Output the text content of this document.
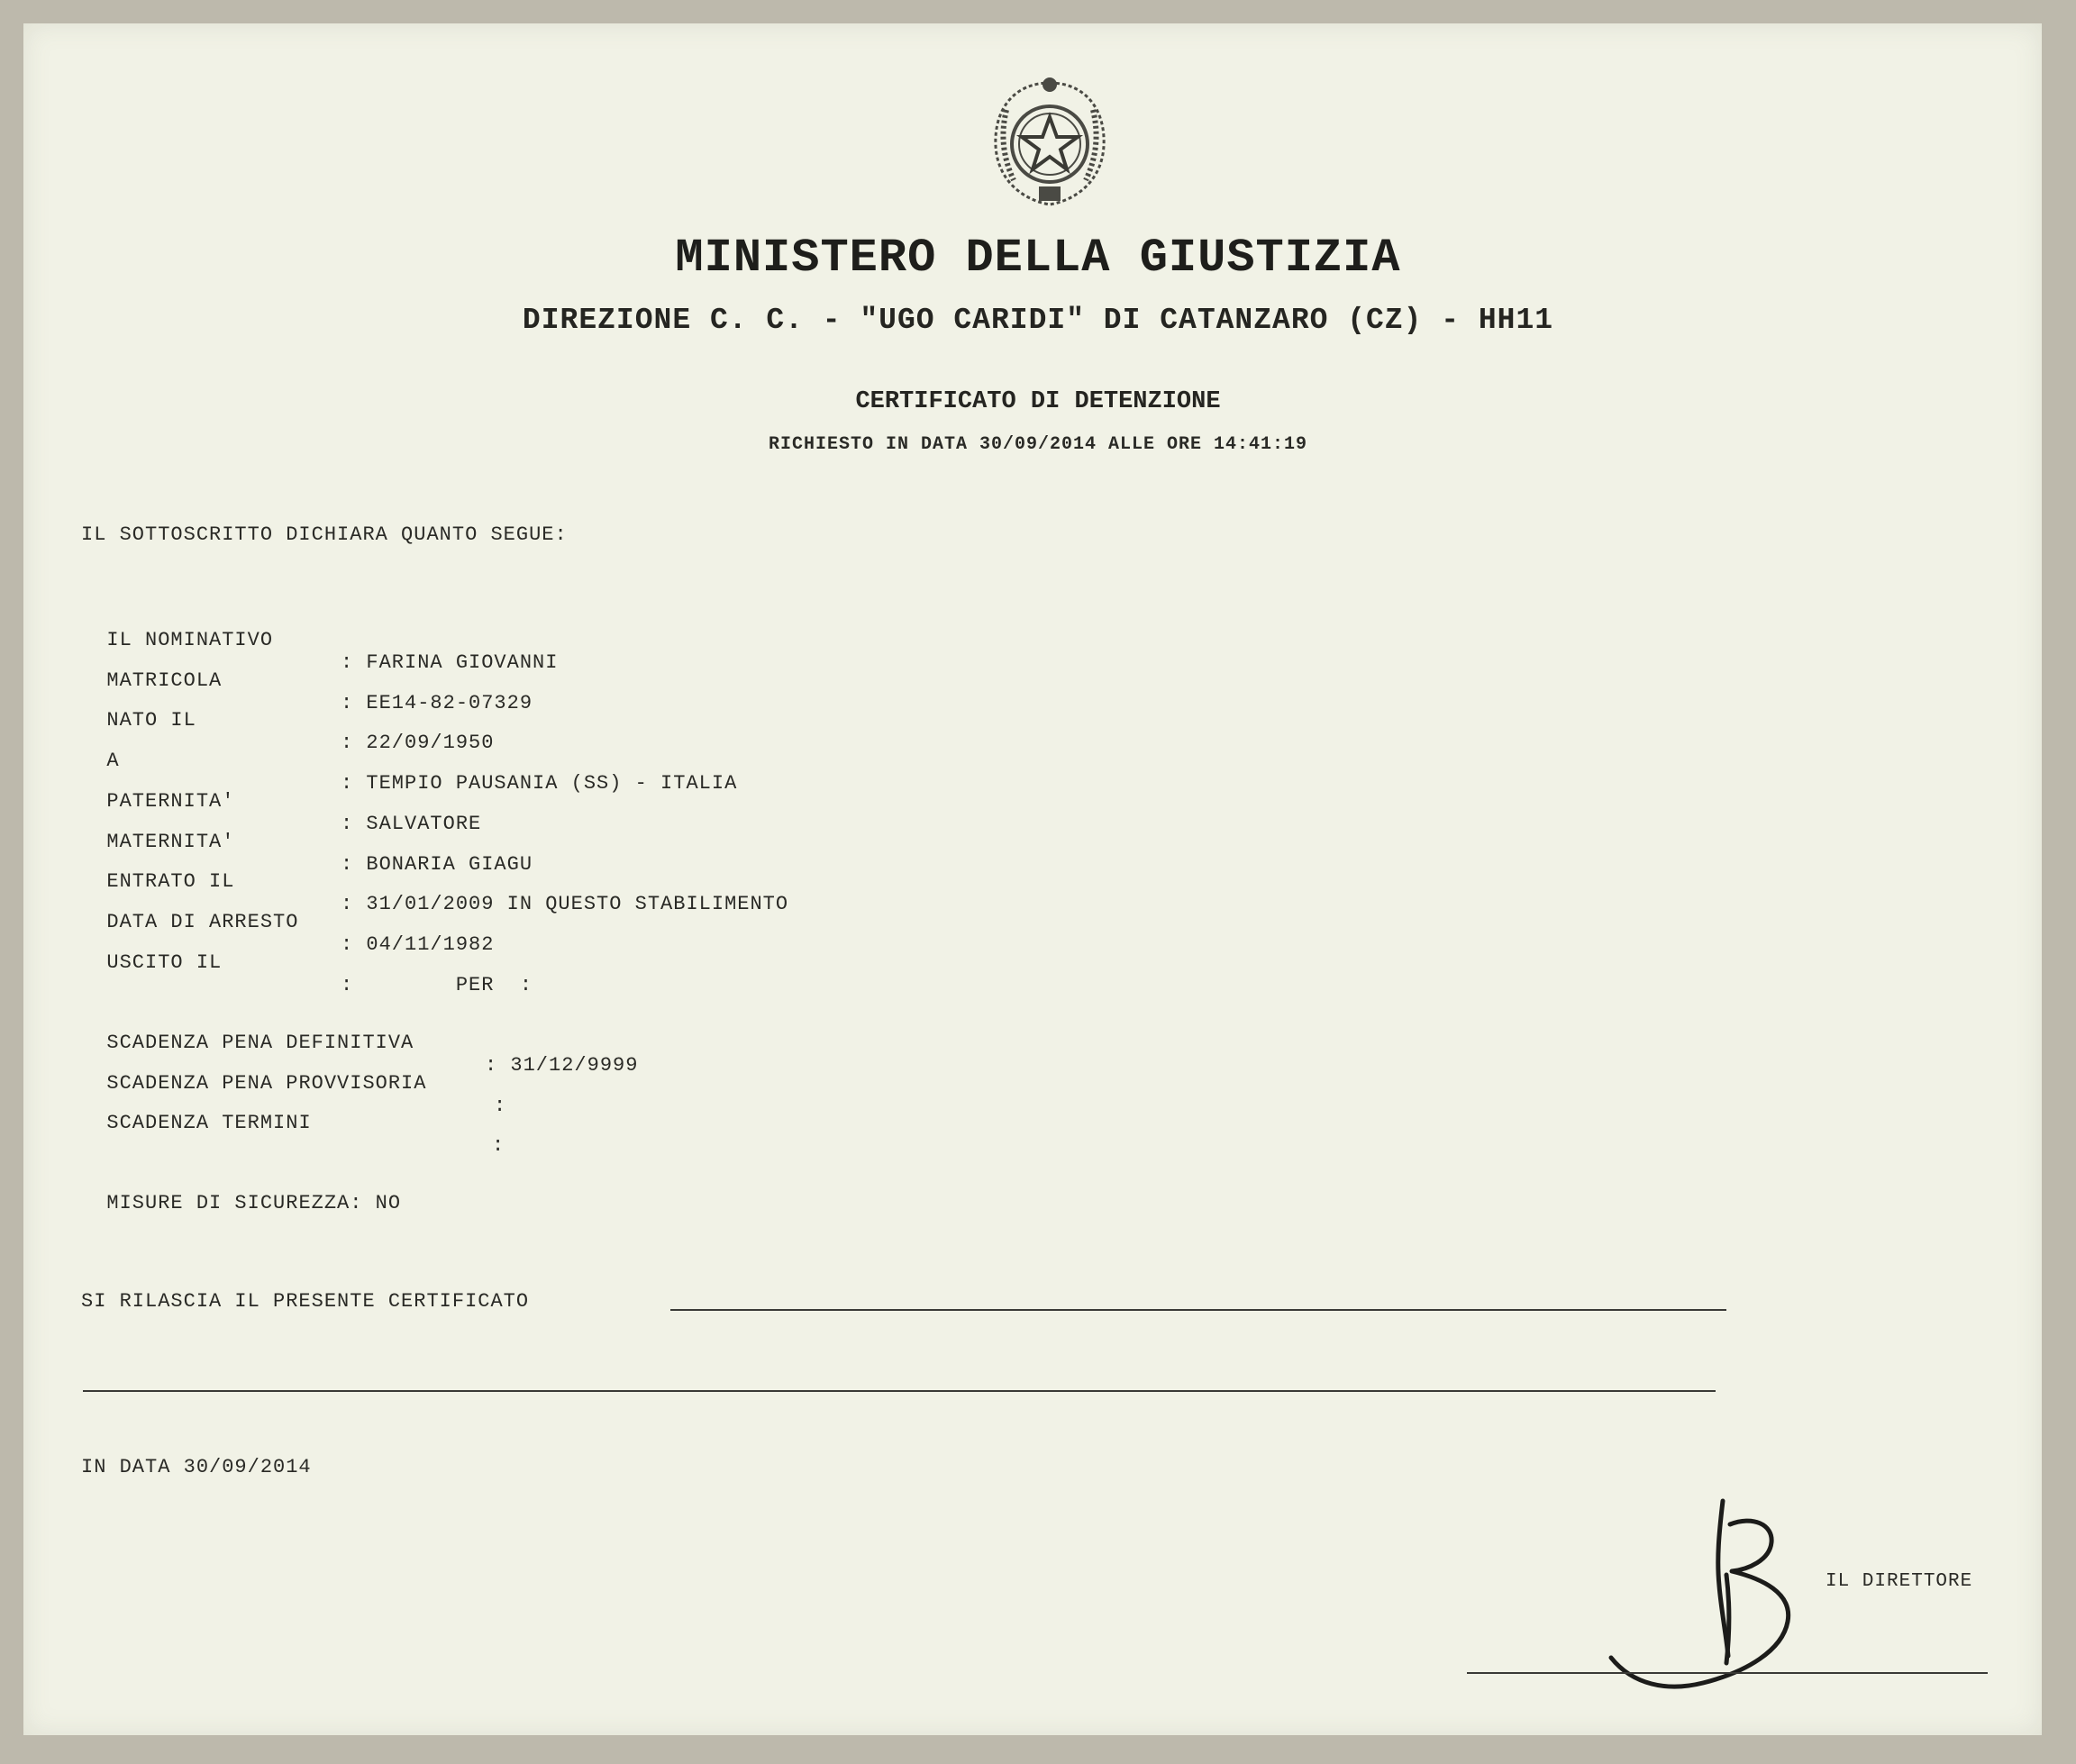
MINISTERO DELLA GIUSTIZIA
DIREZIONE C. C. - "UGO CARIDI" DI CATANZARO (CZ) - HH11
CERTIFICATO DI DETENZIONE
RICHIESTO IN DATA 30/09/2014 ALLE ORE 14:41:19
IL SOTTOSCRITTO DICHIARA QUANTO SEGUE:

IL NOMINATIVO

: FARINA GIOVANNI

MATRICOLA

: EE14-82-07329

NATO IL

: 22/09/1950

A

: TEMPIO PAUSANIA (SS) - ITALIA

PATERNITA'

: SALVATORE

MATERNITA'

: BONARIA GIAGU

ENTRATO IL

: 31/01/2009 IN QUESTO STABILIMENTO

DATA DI ARRESTO

: 04/11/1982

USCITO IL

:        PER  :

SCADENZA PENA DEFINITIVA

: 31/12/9999

SCADENZA PENA PROVVISORIA

:

SCADENZA TERMINI

:

MISURE DI SICUREZZA: NO

SI RILASCIA IL PRESENTE CERTIFICATO
IN DATA 30/09/2014
IL DIRETTORE
